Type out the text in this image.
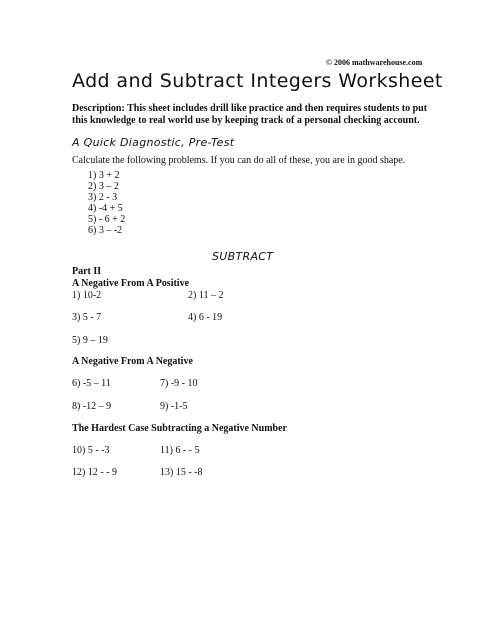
© 2006 mathwarehouse.com
Add and Subtract Integers Worksheet
Description: This sheet includes drill like practice and then requires students to put
this knowledge to real world use by keeping track of a personal checking account.
A Quick Diagnostic, Pre-Test
Calculate the following problems. If you can do all of these, you are in good shape.
1) 3 + 2
2) 3 – 2
3) 2 - 3
4) -4 + 5
5) - 6 + 2
6) 3 – -2
SUBTRACT
Part II
A Negative From A Positive
1) 10-2	2) 11 – 2
3) 5 - 7	4) 6 - 19
5) 9 – 19
A Negative From A Negative
6) -5 – 11	7) -9 - 10
8) -12 – 9	9) -1-5
The Hardest Case Subtracting a Negative Number
10) 5 - -3	11) 6 - - 5
12) 12 - - 9	13) 15 - -8
